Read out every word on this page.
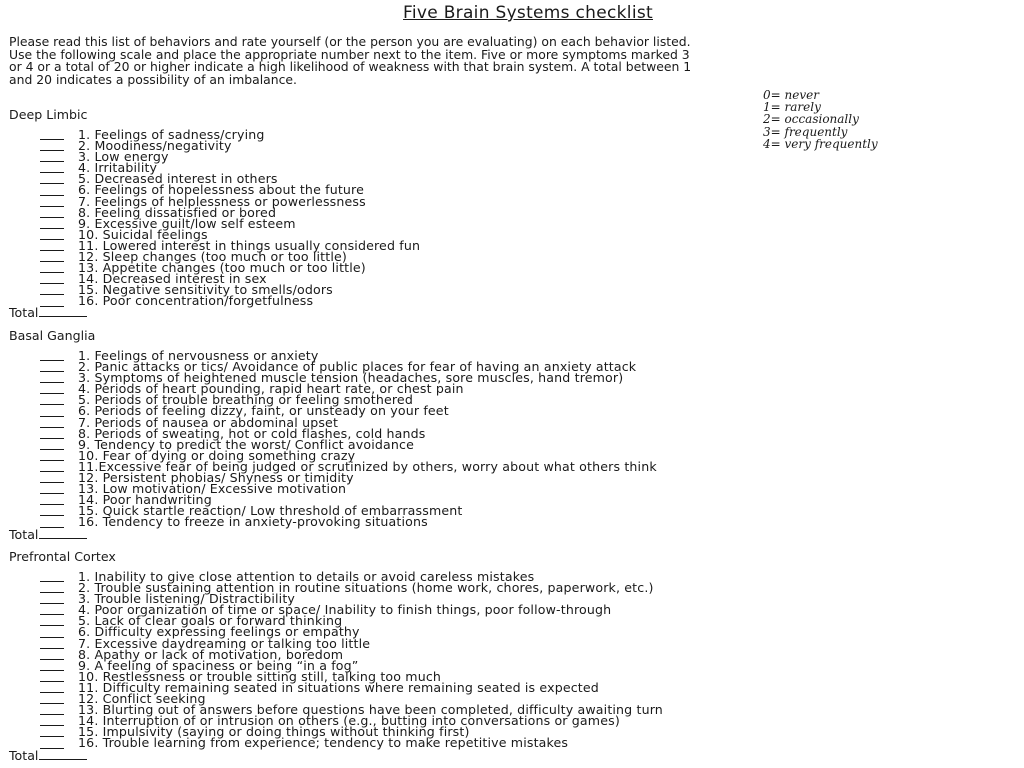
Five Brain Systems checklist
Please read this list of behaviors and rate yourself (or the person you are evaluating) on each behavior listed.
Use the following scale and place the appropriate number next to the item. Five or more symptoms marked 3
or 4 or a total of 20 or higher indicate a high likelihood of weakness with that brain system. A total between 1
and 20 indicates a possibility of an imbalance.
0= never
1= rarely
2= occasionally
3= frequently
4= very frequently
Deep Limbic
1. Feelings of sadness/crying
2. Moodiness/negativity
3. Low energy
4. Irritability
5. Decreased interest in others
6. Feelings of hopelessness about the future
7. Feelings of helplessness or powerlessness
8. Feeling dissatisfied or bored
9. Excessive guilt/low self esteem
10. Suicidal feelings
11. Lowered interest in things usually considered fun
12. Sleep changes (too much or too little)
13. Appetite changes (too much or too little)
14. Decreased interest in sex
15. Negative sensitivity to smells/odors
16. Poor concentration/forgetfulness
Total
Basal Ganglia
1. Feelings of nervousness or anxiety
2. Panic attacks or tics/ Avoidance of public places for fear of having an anxiety attack
3. Symptoms of heightened muscle tension (headaches, sore muscles, hand tremor)
4. Periods of heart pounding, rapid heart rate, or chest pain
5. Periods of trouble breathing or feeling smothered
6. Periods of feeling dizzy, faint, or unsteady on your feet
7. Periods of nausea or abdominal upset
8. Periods of sweating, hot or cold flashes, cold hands
9. Tendency to predict the worst/ Conflict avoidance
10. Fear of dying or doing something crazy
11.Excessive fear of being judged or scrutinized by others, worry about what others think
12. Persistent phobias/ Shyness or timidity
13. Low motivation/ Excessive motivation
14. Poor handwriting
15. Quick startle reaction/ Low threshold of embarrassment
16. Tendency to freeze in anxiety-provoking situations
Total
Prefrontal Cortex
1. Inability to give close attention to details or avoid careless mistakes
2. Trouble sustaining attention in routine situations (home work, chores, paperwork, etc.)
3. Trouble listening/ Distractibility
4. Poor organization of time or space/ Inability to finish things, poor follow-through
5. Lack of clear goals or forward thinking
6. Difficulty expressing feelings or empathy
7. Excessive daydreaming or talking too little
8. Apathy or lack of motivation, boredom
9. A feeling of spaciness or being “in a fog”
10. Restlessness or trouble sitting still, talking too much
11. Difficulty remaining seated in situations where remaining seated is expected
12. Conflict seeking
13. Blurting out of answers before questions have been completed, difficulty awaiting turn
14. Interruption of or intrusion on others (e.g., butting into conversations or games)
15. Impulsivity (saying or doing things without thinking first)
16. Trouble learning from experience; tendency to make repetitive mistakes
Total
